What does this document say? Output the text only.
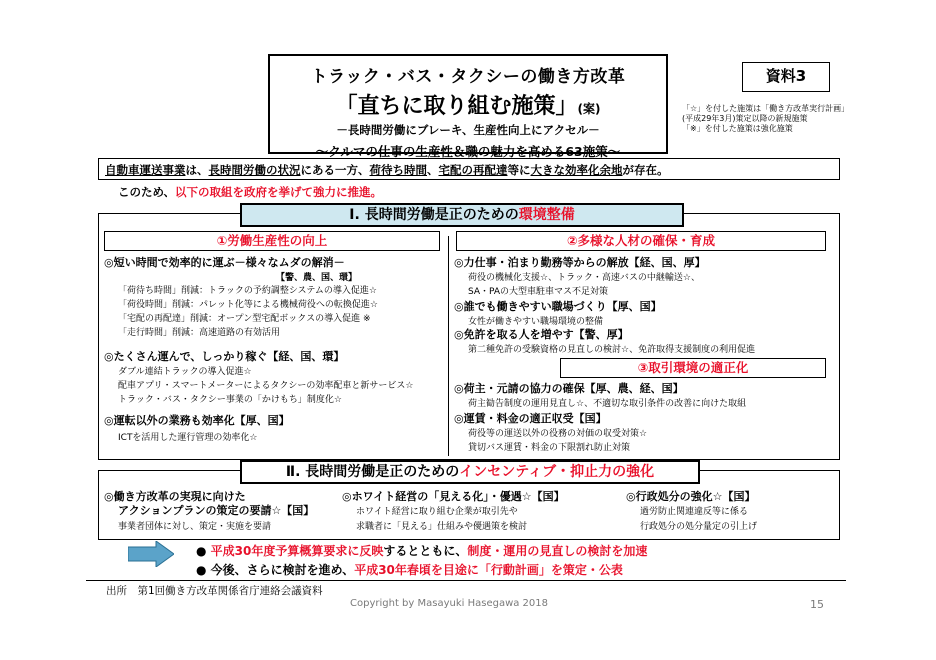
トラック・バス・タクシーの働き方改革
「直ちに取り組む施策」(案)
－長時間労働にブレーキ、生産性向上にアクセル－
～クルマの仕事の生産性＆職の魅力を高める63施策～
資料3
「☆」を付した施策は「働き方改革実行計画」(平成29年3月)策定以降の新規施策
「※」を付した施策は強化施策
自動車運送事業は、長時間労働の状況にある一方、荷待ち時間、宅配の再配達等に大きな効率化余地が存在。
このため、以下の取組を政府を挙げて強力に推進。
Ⅰ. 長時間労働是正のための環境整備
①労働生産性の向上	②多様な人材の確保・育成
◎短い時間で効率的に運ぶ－様々なムダの解消－
【警、農、国、環】
「荷待ち時間」削減：トラックの予約調整システムの導入促進☆
「荷役時間」削減：パレット化等による機械荷役への転換促進☆
「宅配の再配達」削減：オープン型宅配ボックスの導入促進 ※
「走行時間」削減：高速道路の有効活用
◎たくさん運んで、しっかり稼ぐ【経、国、環】
ダブル連結トラックの導入促進☆
配車アプリ・スマートメーターによるタクシーの効率配車と新サービス☆
トラック・バス・タクシー事業の「かけもち」制度化☆
◎運転以外の業務も効率化【厚、国】
ICTを活用した運行管理の効率化☆
◎力仕事・泊まり勤務等からの解放【経、国、厚】
荷役の機械化支援☆、トラック・高速バスの中継輸送☆、
SA・PAの大型車駐車マス不足対策
◎誰でも働きやすい職場づくり【厚、国】
女性が働きやすい職場環境の整備
◎免許を取る人を増やす【警、厚】
第二種免許の受験資格の見直しの検討☆、免許取得支援制度の利用促進
③取引環境の適正化
◎荷主・元請の協力の確保【厚、農、経、国】
荷主勧告制度の運用見直し☆、不適切な取引条件の改善に向けた取組
◎運賃・料金の適正収受【国】
荷役等の運送以外の役務の対価の収受対策☆
貸切バス運賃・料金の下限割れ防止対策
Ⅱ. 長時間労働是正のためのインセンティブ・抑止力の強化
◎働き方改革の実現に向けた
アクションプランの策定の要請☆【国】
事業者団体に対し、策定・実施を要請
◎ホワイト経営の「見える化」・優遇☆【国】
ホワイト経営に取り組む企業が取引先や
求職者に「見える」仕組みや優遇策を検討
◎行政処分の強化☆【国】
過労防止関連違反等に係る
行政処分の処分量定の引上げ
● 平成30年度予算概算要求に反映するとともに、制度・運用の見直しの検討を加速
● 今後、さらに検討を進め、平成30年春頃を目途に「行動計画」を策定・公表
出所　第1回働き方改革関係省庁連絡会議資料
Copyright by Masayuki Hasegawa 2018	15
